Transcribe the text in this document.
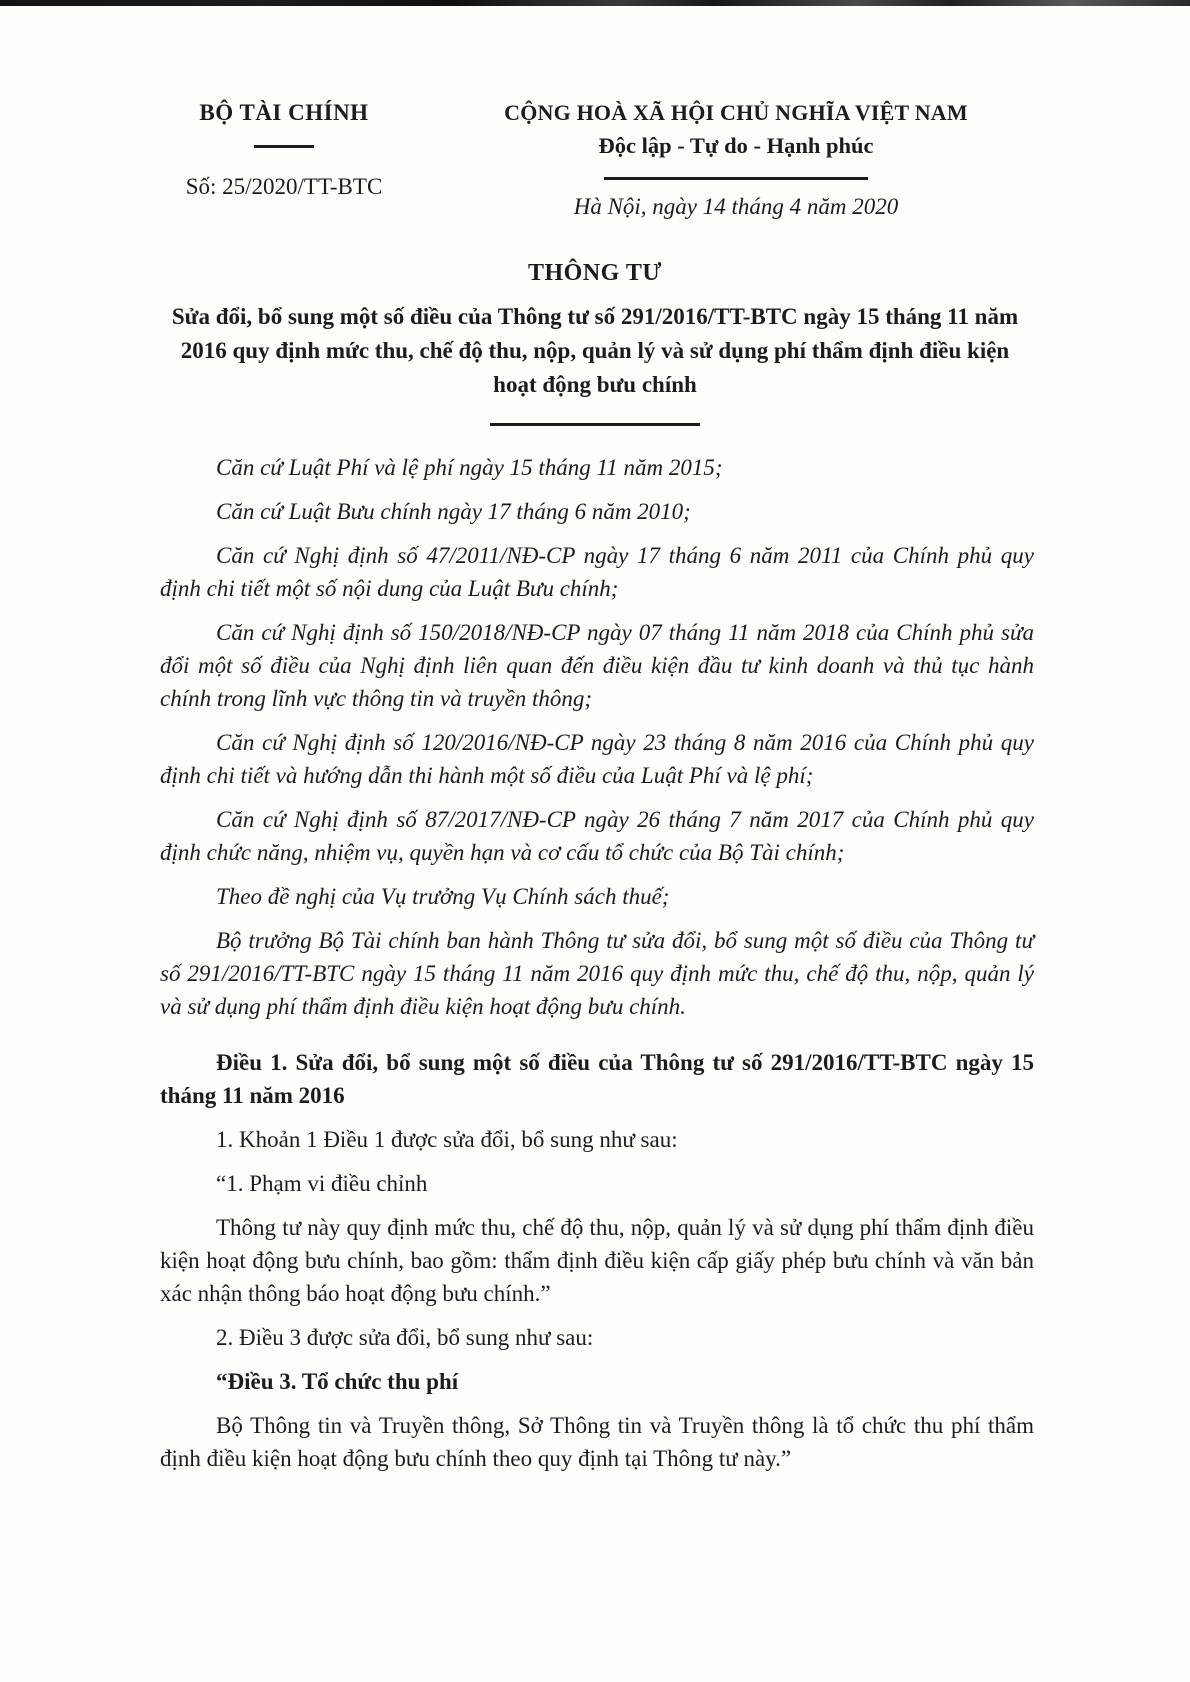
BỘ TÀI CHÍNH
Số: 25/2020/TT-BTC
CỘNG HOÀ XÃ HỘI CHỦ NGHĨA VIỆT NAM
Độc lập - Tự do - Hạnh phúc
Hà Nội, ngày 14 tháng 4 năm 2020
THÔNG TƯ
Sửa đổi, bổ sung một số điều của Thông tư số 291/2016/TT-BTC ngày 15 tháng 11 năm 2016 quy định mức thu, chế độ thu, nộp, quản lý và sử dụng phí thẩm định điều kiện hoạt động bưu chính

Căn cứ Luật Phí và lệ phí ngày 15 tháng 11 năm 2015;

Căn cứ Luật Bưu chính ngày 17 tháng 6 năm 2010;

Căn cứ Nghị định số 47/2011/NĐ-CP ngày 17 tháng 6 năm 2011 của Chính phủ quy định chi tiết một số nội dung của Luật Bưu chính;

Căn cứ Nghị định số 150/2018/NĐ-CP ngày 07 tháng 11 năm 2018 của Chính phủ sửa đổi một số điều của Nghị định liên quan đến điều kiện đầu tư kinh doanh và thủ tục hành chính trong lĩnh vực thông tin và truyền thông;

Căn cứ Nghị định số 120/2016/NĐ-CP ngày 23 tháng 8 năm 2016 của Chính phủ quy định chi tiết và hướng dẫn thi hành một số điều của Luật Phí và lệ phí;

Căn cứ Nghị định số 87/2017/NĐ-CP ngày 26 tháng 7 năm 2017 của Chính phủ quy định chức năng, nhiệm vụ, quyền hạn và cơ cấu tổ chức của Bộ Tài chính;

Theo đề nghị của Vụ trưởng Vụ Chính sách thuế;

Bộ trưởng Bộ Tài chính ban hành Thông tư sửa đổi, bổ sung một số điều của Thông tư số 291/2016/TT-BTC ngày 15 tháng 11 năm 2016 quy định mức thu, chế độ thu, nộp, quản lý và sử dụng phí thẩm định điều kiện hoạt động bưu chính.

Điều 1. Sửa đổi, bổ sung một số điều của Thông tư số 291/2016/TT-BTC ngày 15 tháng 11 năm 2016

1. Khoản 1 Điều 1 được sửa đổi, bổ sung như sau:

“1. Phạm vi điều chỉnh

Thông tư này quy định mức thu, chế độ thu, nộp, quản lý và sử dụng phí thẩm định điều kiện hoạt động bưu chính, bao gồm: thẩm định điều kiện cấp giấy phép bưu chính và văn bản xác nhận thông báo hoạt động bưu chính.”

2. Điều 3 được sửa đổi, bổ sung như sau:

“Điều 3. Tổ chức thu phí

Bộ Thông tin và Truyền thông, Sở Thông tin và Truyền thông là tổ chức thu phí thẩm định điều kiện hoạt động bưu chính theo quy định tại Thông tư này.”
